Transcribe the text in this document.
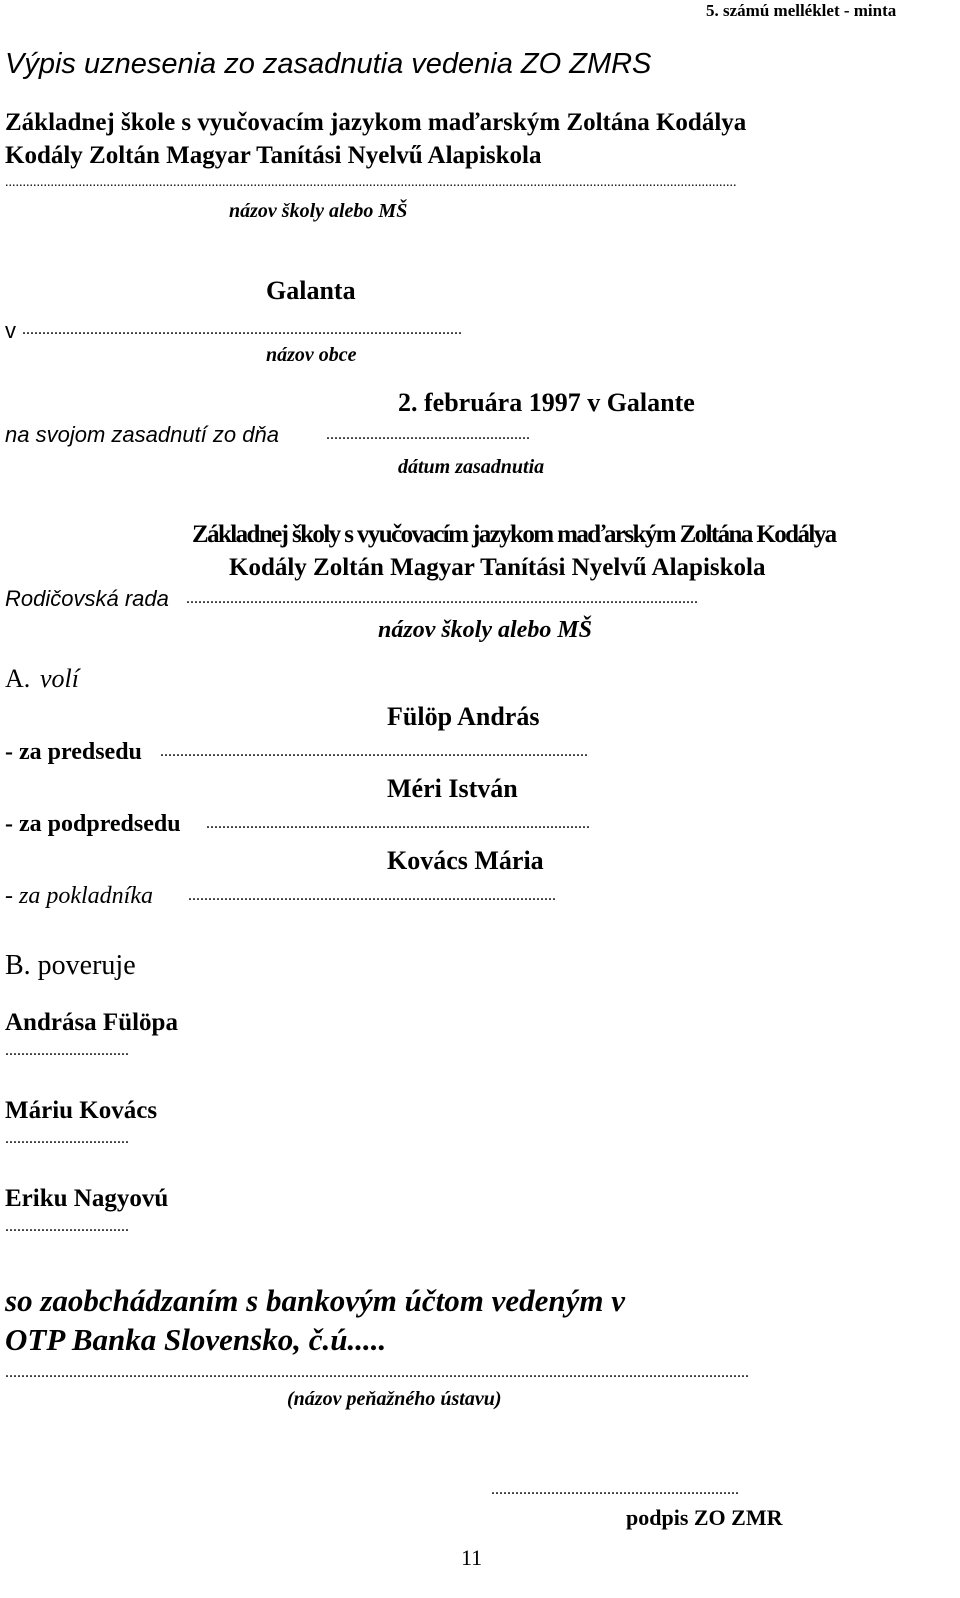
5. számú melléklet - minta
Výpis uznesenia zo zasadnutia vedenia ZO ZMRS
Základnej škole s vyučovacím jazykom maďarským Zoltána Kodálya
Kodály Zoltán Magyar Tanítási Nyelvű Alapiskola
.................................................................................................................................................................................................................
názov školy alebo MŠ
Galanta
v ..............................................................................................................
názov obce
2. februára 1997 v Galante
na svojom zasadnutí zo dňa	...................................................
dátum zasadnutia
Základnej školy s vyučovacím jazykom maďarským Zoltána Kodálya
Kodály Zoltán Magyar Tanítási Nyelvű Alapiskola
Rodičovská rada ................................................................................................................................
názov školy alebo MŠ
A. volí
Fülöp András
- za predsedu ...........................................................................................................
Méri István
- za podpredsedu ................................................................................................
Kovács Mária
- za pokladníka ............................................................................................
B. poveruje
Andrása Fülöpa
...............................
Máriu Kovács
...............................
Eriku Nagyovú
...............................
so zaobchádzaním s bankovým účtom vedeným v
OTP Banka Slovensko, č.ú.....
..........................................................................................................................................................................................
(názov peňažného ústavu)
..............................................................
podpis ZO ZMR
11
